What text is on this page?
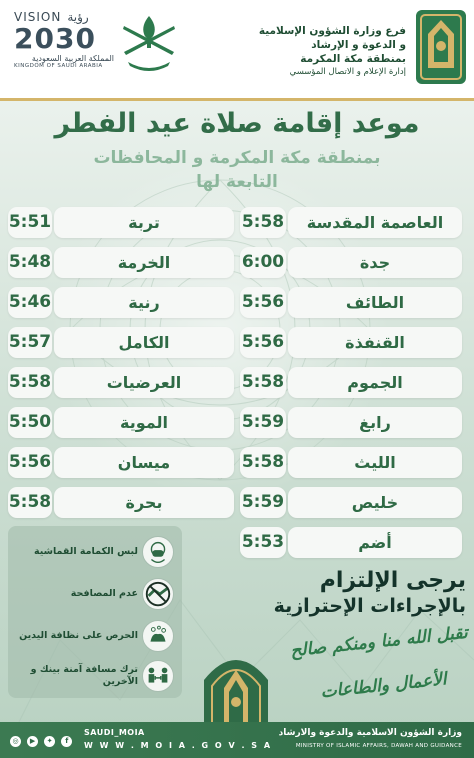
VISION رؤية
2030
المملكة العربية السعودية
KINGDOM OF SAUDI ARABIA
فرع وزارة الشؤون الإسلامية
و الدعوة و الإرشاد
بمنطقة مكة المكرمة
إدارة الإعلام و الاتصال المؤسسي
موعد إقامة صلاة عيد الفطر
بمنطقة مكة المكرمة و المحافظات
التابعة لها
العاصمة المقدسة
5:58
جدة
6:00
الطائف
5:56
القنفذة
5:56
الجموم
5:58
رابغ
5:59
الليث
5:58
خليص
5:59
أضم
5:53
تربة
5:51
الخرمة
5:48
رنية
5:46
الكامل
5:57
العرضيات
5:58
الموية
5:50
ميسان
5:56
بحرة
5:58
لبس الكمامة القماشية
عدم المصافحة
الحرص على نظافة اليدين
ترك مسافة آمنة بينك و الآخرين
يرجى الإلتزام
بالإجراءات الإحترازية
تقبل الله منا ومنكم صالح الأعمال والطاعات
◎ ▶ ✦ f
SAUDI_MOIA
W W W . M O I A . G O V . S A
وزارة الشؤون الاسلامية والدعوة والارشاد
MINISTRY OF ISLAMIC AFFAIRS, DAWAH AND GUIDANCE
